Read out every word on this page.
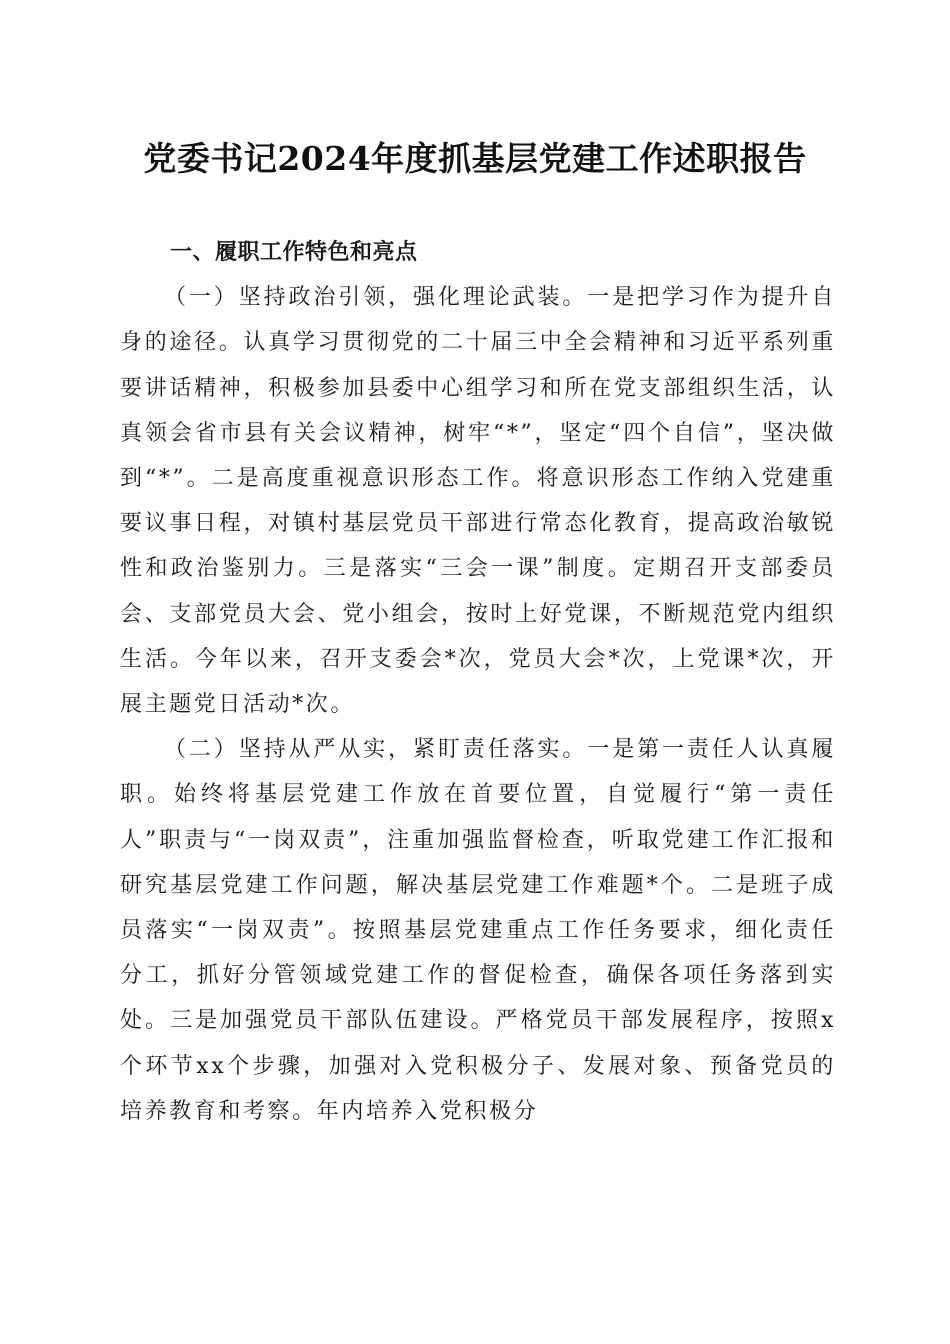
党委书记2024年度抓基层党建工作述职报告

一、履职工作特色和亮点

（一）坚持政治引领，强化理论武装。一是把学习作为提升自身的途径。认真学习贯彻党的二十届三中全会精神和习近平系列重要讲话精神，积极参加县委中心组学习和所在党支部组织生活，认真领会省市县有关会议精神，树牢“*”，坚定“四个自信”，坚决做到“*”。二是高度重视意识形态工作。将意识形态工作纳入党建重要议事日程，对镇村基层党员干部进行常态化教育，提高政治敏锐性和政治鉴别力。三是落实“三会一课”制度。定期召开支部委员会、支部党员大会、党小组会，按时上好党课，不断规范党内组织生活。今年以来，召开支委会*次，党员大会*次，上党课*次，开展主题党日活动*次。

（二）坚持从严从实，紧盯责任落实。一是第一责任人认真履职。始终将基层党建工作放在首要位置，自觉履行“第一责任人”职责与“一岗双责”，注重加强监督检查，听取党建工作汇报和研究基层党建工作问题，解决基层党建工作难题*个。二是班子成员落实“一岗双责”。按照基层党建重点工作任务要求，细化责任分工，抓好分管领域党建工作的督促检查，确保各项任务落到实处。三是加强党员干部队伍建设。严格党员干部发展程序，按照x个环节xx个步骤，加强对入党积极分子、发展对象、预备党员的培养教育和考察。年内培养入党积极分
